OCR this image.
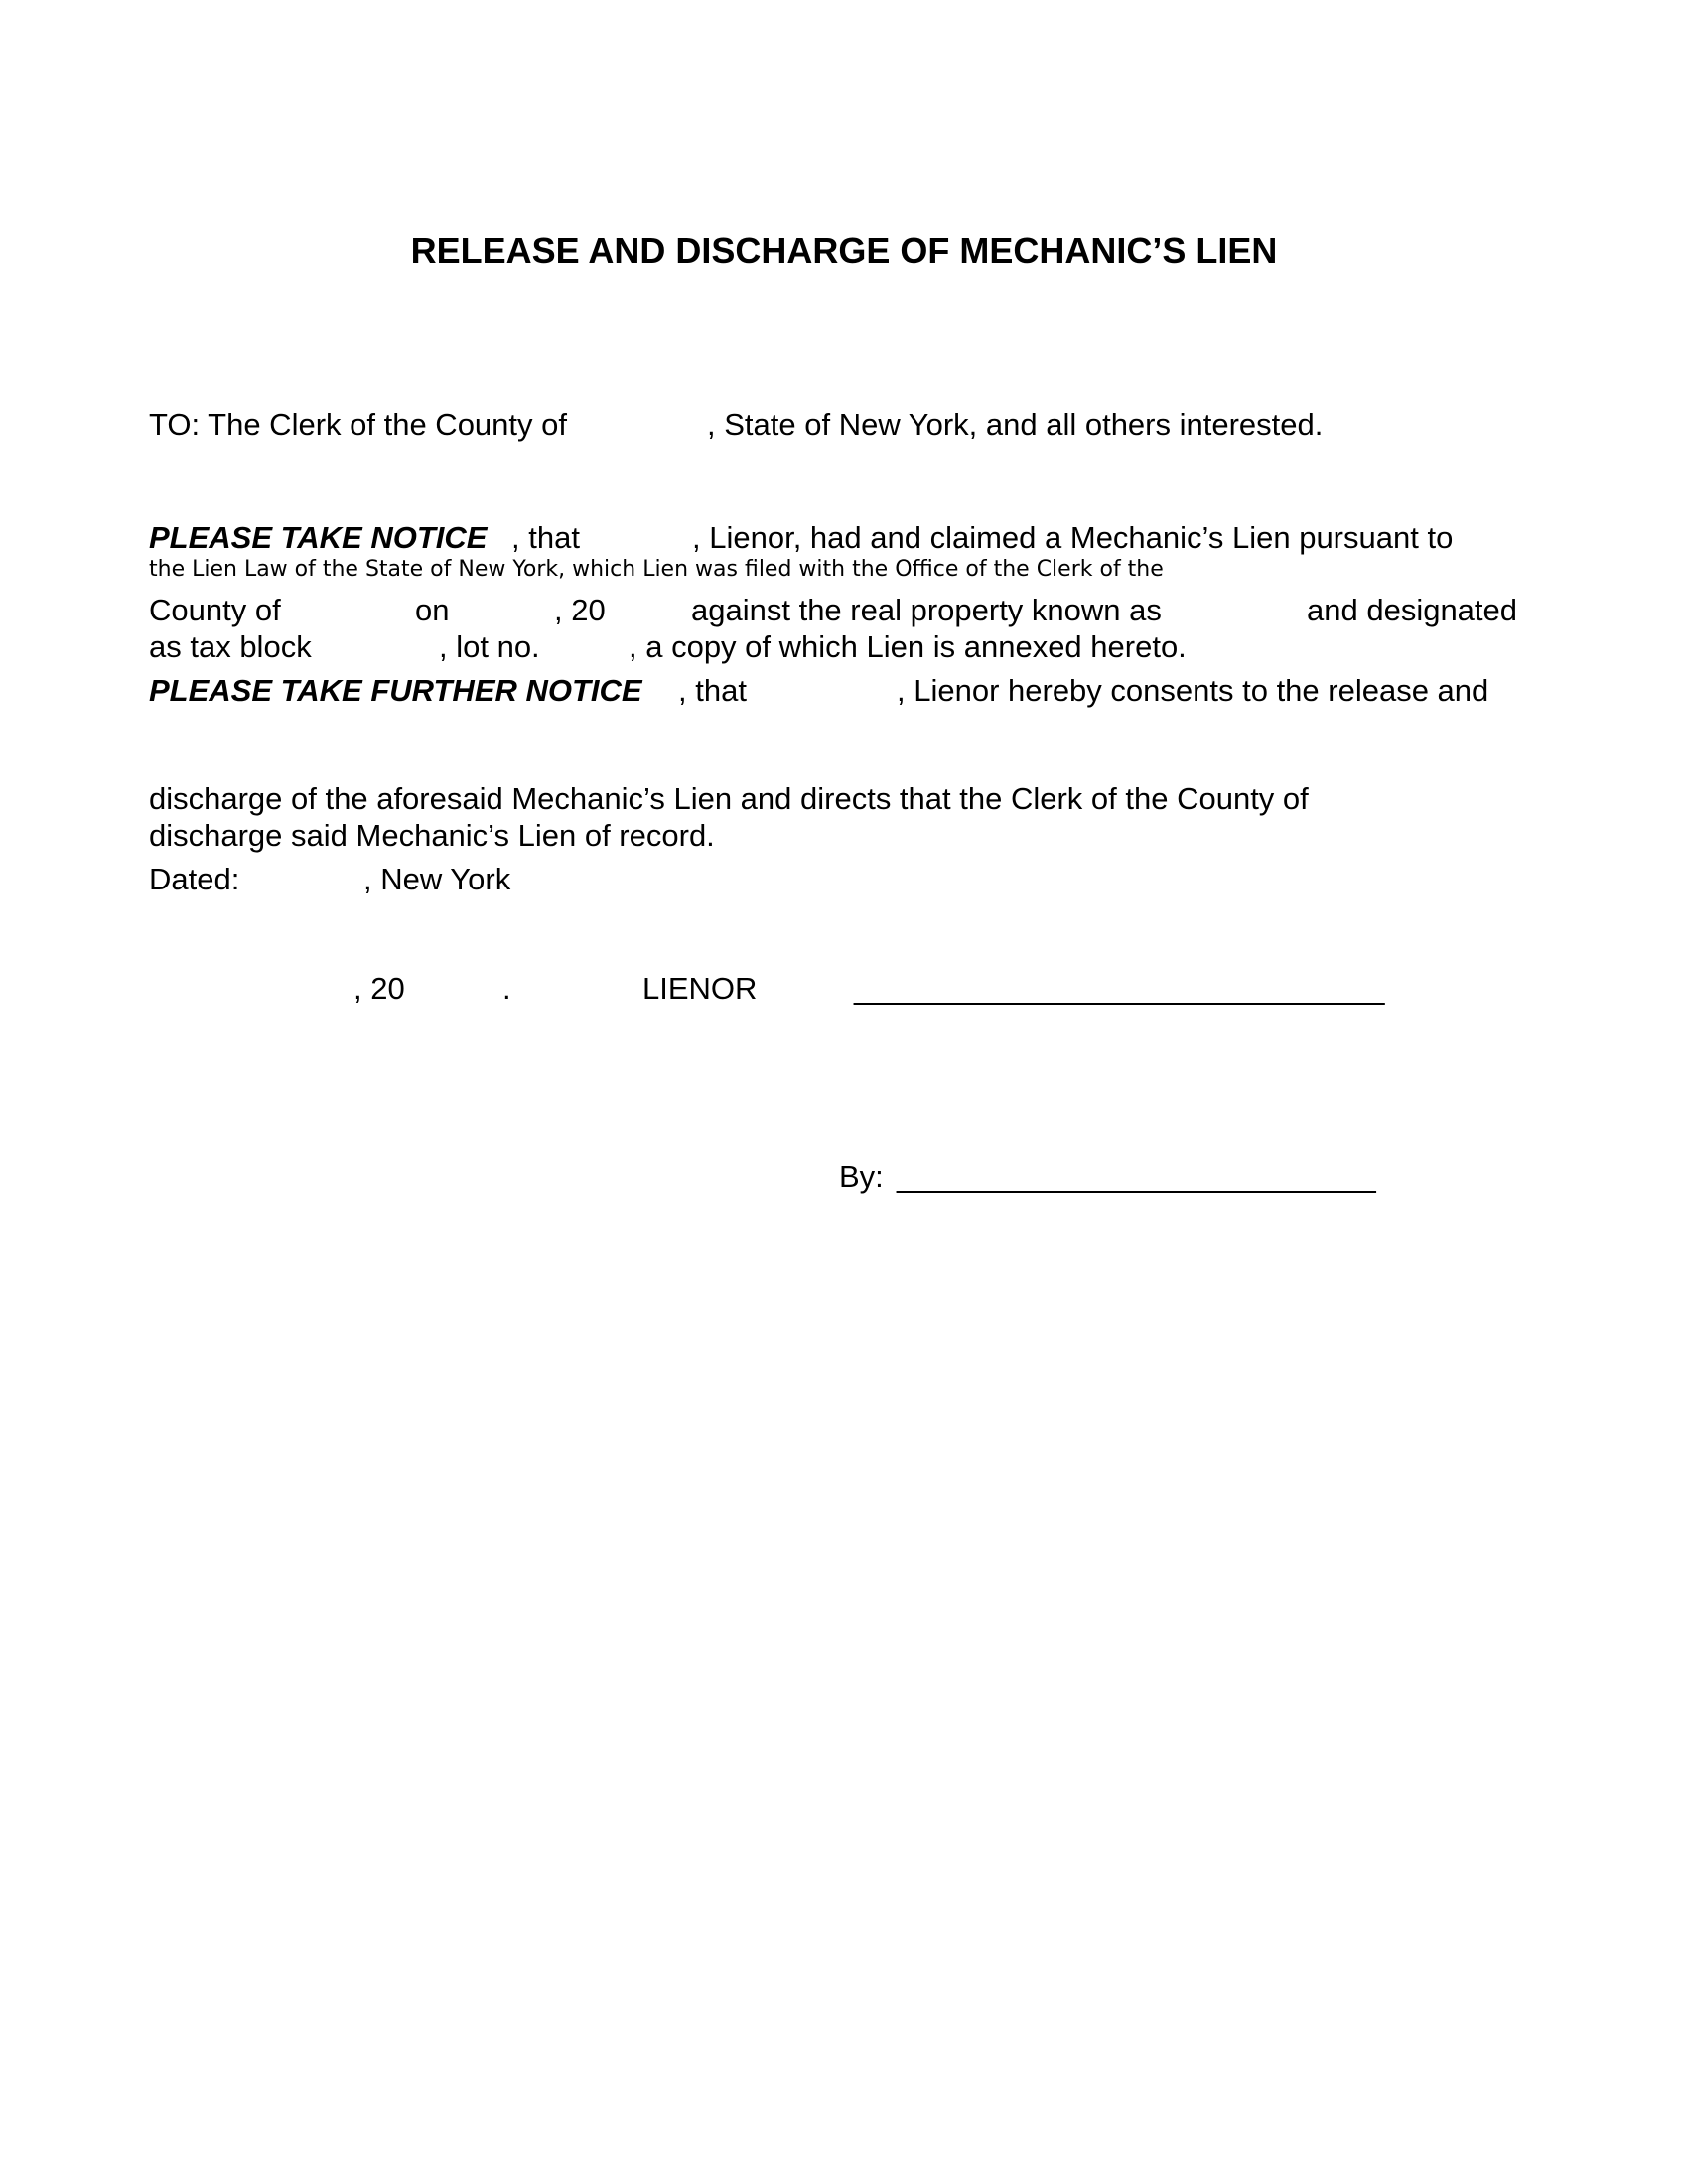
RELEASE AND DISCHARGE OF MECHANIC’S LIEN
TO: The Clerk of the County of	, State of New York, and all others interested.
PLEASE TAKE NOTICE , that	, Lienor, had and claimed a Mechanic’s Lien pursuant to
the Lien Law of the State of New York, which Lien was filed with the Office of the Clerk of the
County of	on	, 20	against the real property known as	and designated
as tax block	, lot no.	, a copy of which Lien is annexed hereto.
PLEASE TAKE FURTHER NOTICE , that	, Lienor hereby consents to the release and
discharge of the aforesaid Mechanic’s Lien and directs that the Clerk of the County of
discharge said Mechanic’s Lien of record.
Dated:	, New York
, 20	.	LIENOR	_______________________________
By: ____________________________
